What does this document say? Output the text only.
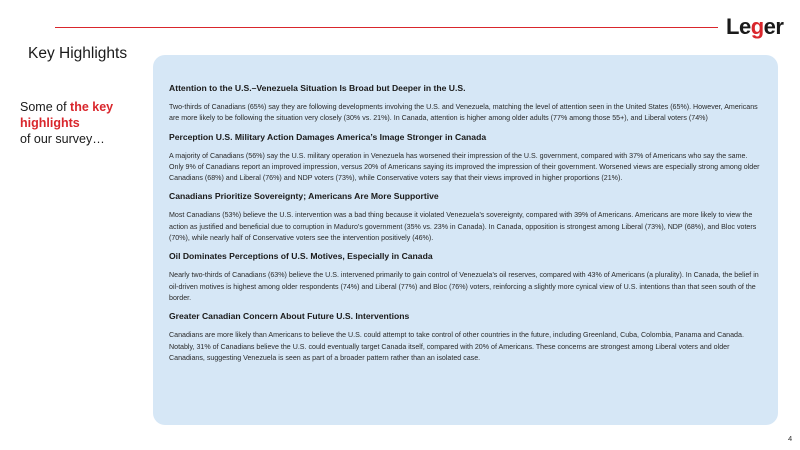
Leger
Key Highlights
Some of the key highlights
of our survey…
Attention to the U.S.–Venezuela Situation Is Broad but Deeper in the U.S.

Two-thirds of Canadians (65%) say they are following developments involving the U.S. and Venezuela, matching the level of attention seen in the United States (65%). However, Americans are more likely to be following the situation very closely (30% vs. 21%). In Canada, attention is higher among older adults (77% among those 55+), and Liberal voters (74%)

Perception U.S. Military Action Damages America’s Image Stronger in Canada

A majority of Canadians (56%) say the U.S. military operation in Venezuela has worsened their impression of the U.S. government, compared with 37% of Americans who say the same. Only 9% of Canadians report an improved impression, versus 20% of Americans saying its improved the impression of their government. Worsened views are especially strong among older Canadians (68%) and Liberal (76%) and NDP voters (73%), while Conservative voters say that their views improved in higher proportions (21%).

Canadians Prioritize Sovereignty; Americans Are More Supportive

Most Canadians (53%) believe the U.S. intervention was a bad thing because it violated Venezuela’s sovereignty, compared with 39% of Americans. Americans are more likely to view the action as justified and beneficial due to corruption in Maduro’s government (35% vs. 23% in Canada). In Canada, opposition is strongest among Liberal (73%), NDP (68%), and Bloc voters (70%), while nearly half of Conservative voters see the intervention positively (46%).

Oil Dominates Perceptions of U.S. Motives, Especially in Canada

Nearly two-thirds of Canadians (63%) believe the U.S. intervened primarily to gain control of Venezuela’s oil reserves, compared with 43% of Americans (a plurality). In Canada, the belief in oil-driven motives is highest among older respondents (74%) and Liberal (77%) and Bloc (76%) voters, reinforcing a slightly more cynical view of U.S. intentions than that seen south of the border.

Greater Canadian Concern About Future U.S. Interventions

Canadians are more likely than Americans to believe the U.S. could attempt to take control of other countries in the future, including Greenland, Cuba, Colombia, Panama and Canada. Notably, 31% of Canadians believe the U.S. could eventually target Canada itself, compared with 20% of Americans. These concerns are strongest among Liberal voters and older Canadians, suggesting Venezuela is seen as part of a broader pattern rather than an isolated case.

4
